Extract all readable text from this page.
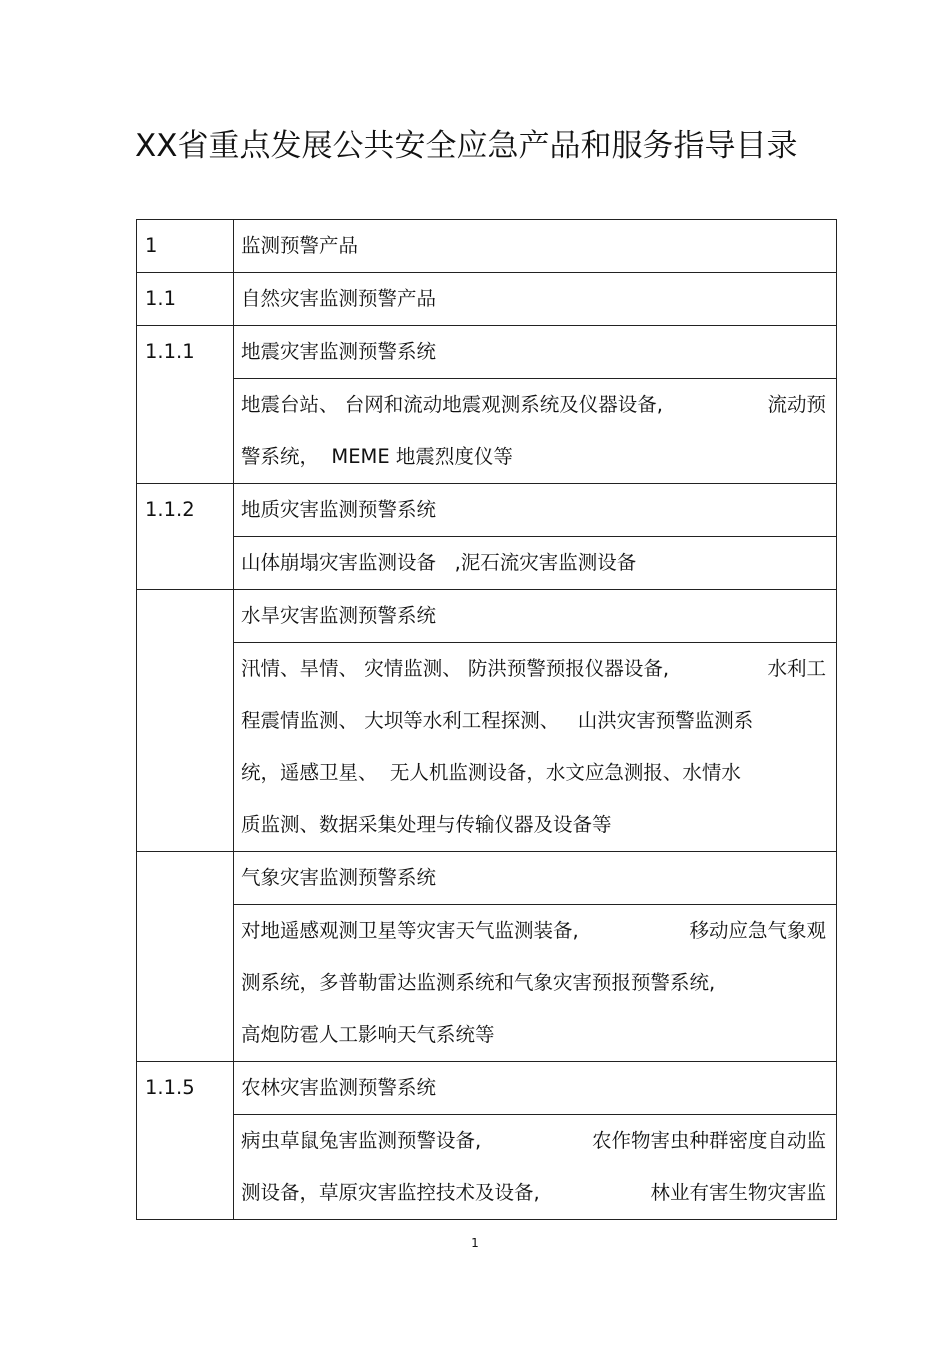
XX省重点发展公共安全应急产品和服务指导目录
1	监测预警产品
1.1	自然灾害监测预警产品
1.1.1	地震灾害监测预警系统

	地震台站、 台网和流动地震观测系统及仪器设备, 流动预
警系统，  MEME 地震烈度仪等

1.1.2	地质灾害监测预警系统
	山体崩塌灾害监测设备   ,泥石流灾害监测设备
	水旱灾害监测预警系统

	汛情、旱情、 灾情监测、 防洪预警预报仪器设备, 水利工
程震情监测、 大坝等水利工程探测、   山洪灾害预警监测系
统，遥感卫星、  无人机监测设备，水文应急测报、水情水
质监测、数据采集处理与传输仪器及设备等

	气象灾害监测预警系统

	对地遥感观测卫星等灾害天气监测装备, 移动应急气象观
测系统，多普勒雷达监测系统和气象灾害预报预警系统,
高炮防雹人工影响天气系统等

1.1.5	农林灾害监测预警系统

	病虫草鼠兔害监测预警设备, 农作物害虫种群密度自动监
测设备，草原灾害监控技术及设备, 林业有害生物灾害监
1
